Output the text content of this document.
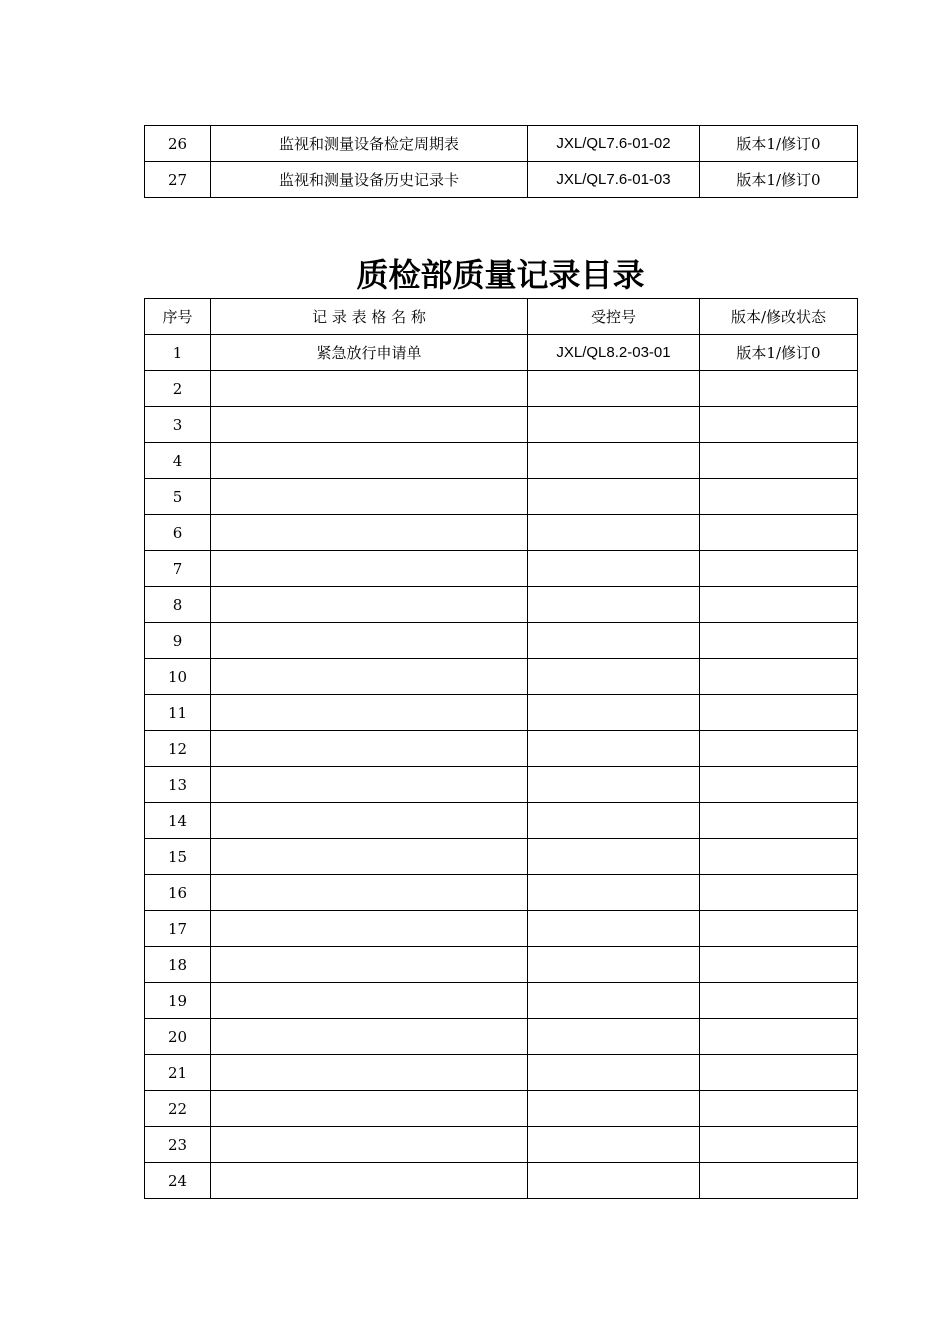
26	监视和测量设备检定周期表	JXL/QL7.6-01-02	版本1/修订0
27	监视和测量设备历史记录卡	JXL/QL7.6-01-03	版本1/修订0
质检部质量记录目录
序号	记 录 表 格 名 称	受控号	版本/修改状态
1	紧急放行申请单	JXL/QL8.2-03-01	版本1/修订0
2			
3			
4			
5			
6			
7			
8			
9			
10			
11			
12			
13			
14			
15			
16			
17			
18			
19			
20			
21			
22			
23			
24			
